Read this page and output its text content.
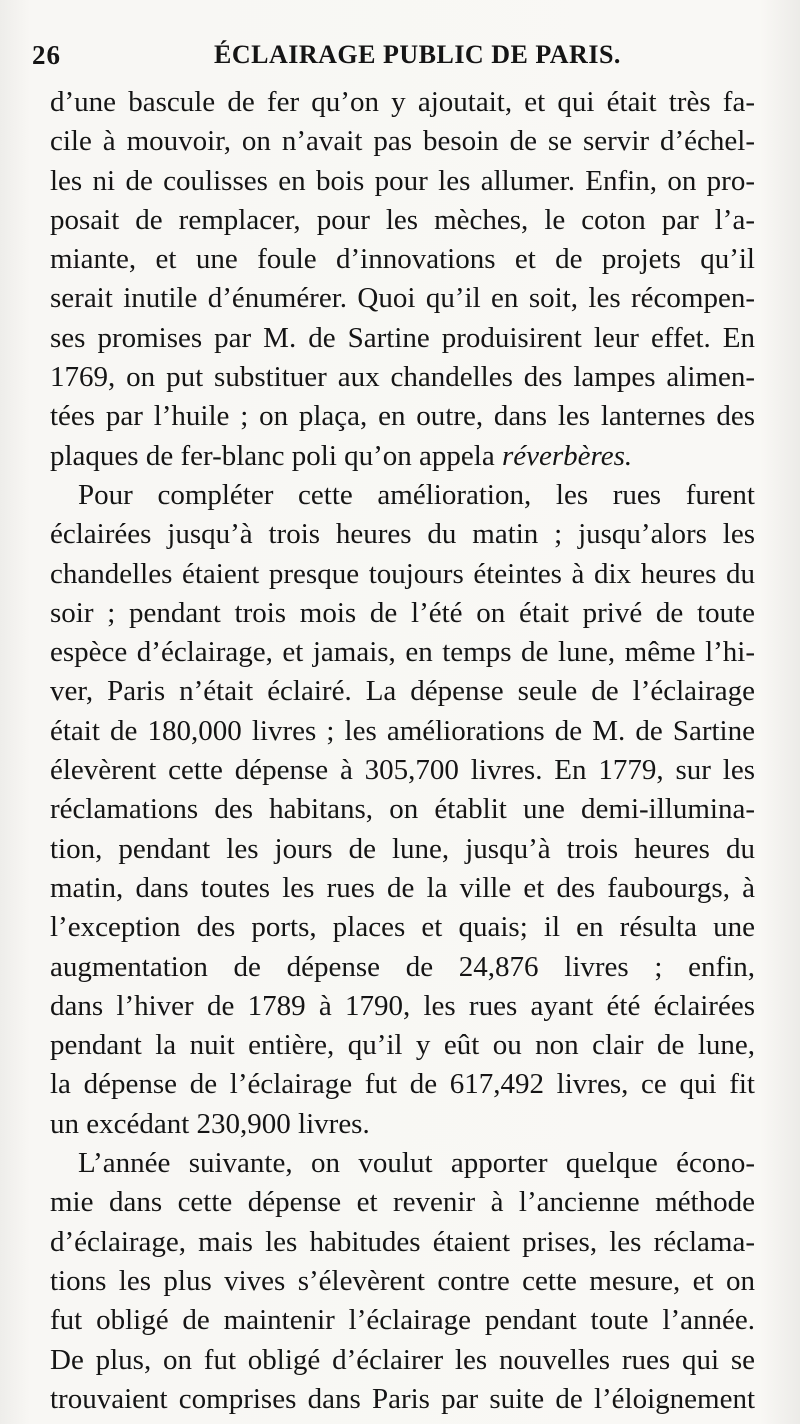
26	ÉCLAIRAGE PUBLIC DE PARIS.
d’une bascule de fer qu’on y ajoutait, et qui était très fa-
cile à mouvoir, on n’avait pas besoin de se servir d’échel-
les ni de coulisses en bois pour les allumer. Enfin, on pro-
posait de remplacer, pour les mèches, le coton par l’a-
miante, et une foule d’innovations et de projets qu’il
serait inutile d’énumérer. Quoi qu’il en soit, les récompen-
ses promises par M. de Sartine produisirent leur effet. En
1769, on put substituer aux chandelles des lampes alimen-
tées par l’huile ; on plaça, en outre, dans les lanternes des
plaques de fer-blanc poli qu’on appela réverbères.
Pour compléter cette amélioration, les rues furent
éclairées jusqu’à trois heures du matin ; jusqu’alors les
chandelles étaient presque toujours éteintes à dix heures du
soir ; pendant trois mois de l’été on était privé de toute
espèce d’éclairage, et jamais, en temps de lune, même l’hi-
ver, Paris n’était éclairé. La dépense seule de l’éclairage
était de 180,000 livres ; les améliorations de M. de Sartine
élevèrent cette dépense à 305,700 livres. En 1779, sur les
réclamations des habitans, on établit une demi-illumina-
tion, pendant les jours de lune, jusqu’à trois heures du
matin, dans toutes les rues de la ville et des faubourgs, à
l’exception des ports, places et quais; il en résulta une
augmentation de dépense de 24,876 livres ; enfin,
dans l’hiver de 1789 à 1790, les rues ayant été éclairées
pendant la nuit entière, qu’il y eût ou non clair de lune,
la dépense de l’éclairage fut de 617,492 livres, ce qui fit
un excédant 230,900 livres.
L’année suivante, on voulut apporter quelque écono-
mie dans cette dépense et revenir à l’ancienne méthode
d’éclairage, mais les habitudes étaient prises, les réclama-
tions les plus vives s’élevèrent contre cette mesure, et on
fut obligé de maintenir l’éclairage pendant toute l’année.
De plus, on fut obligé d’éclairer les nouvelles rues qui se
trouvaient comprises dans Paris par suite de l’éloignement
